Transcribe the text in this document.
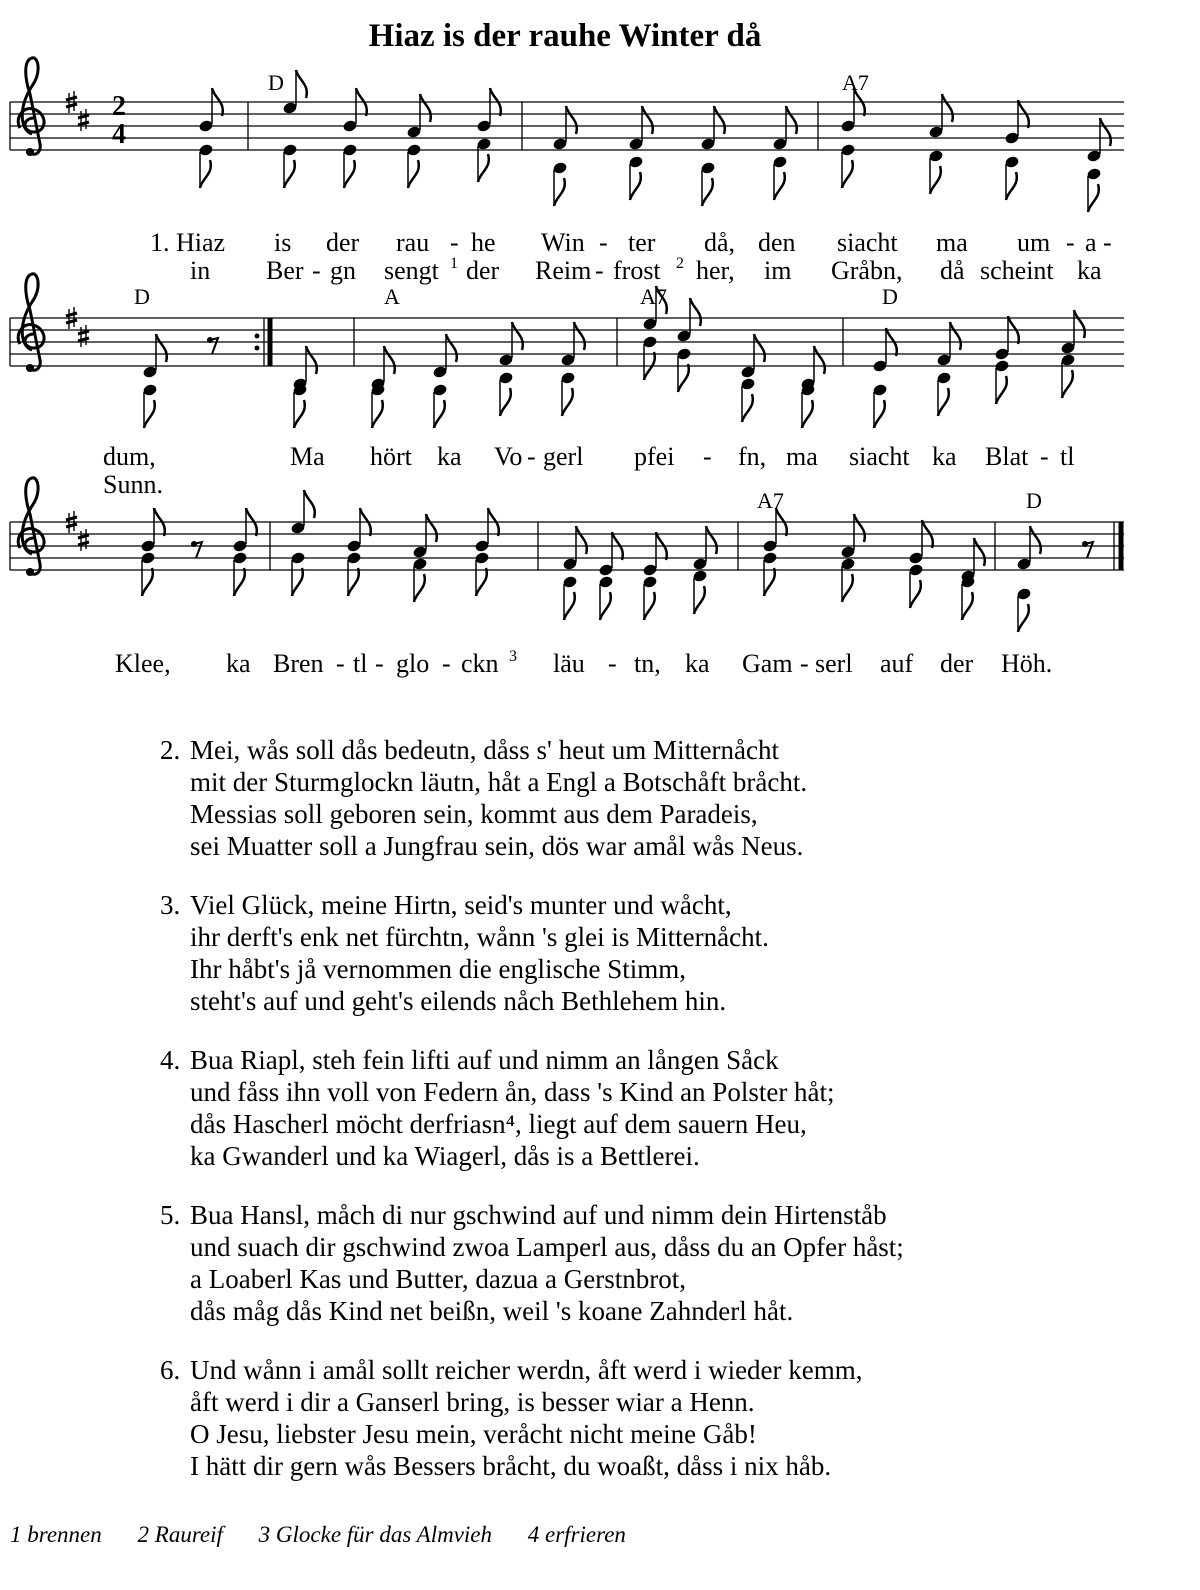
Hiaz is der rauhe Winter då
2
4
D	A7
D	A	A7	D
A7	D
1. Hiaz is der rau - he Win - ter då, den siacht ma um - a -
in Ber - gn sengt 1 der Reim - frost 2 her, im Gråbn, då scheint ka
dum,	Ma hört ka Vo - gerl pfei - fn, ma siacht ka Blat - tl
Sunn.
Klee, ka Bren - tl - glo - ckn 3 läu - tn, ka Gam - serl auf der Höh.
2. Mei, wås soll dås bedeutn, dåss s' heut um Mitternåcht
mit der Sturmglockn läutn, håt a Engl a Botschåft bråcht.
Messias soll geboren sein, kommt aus dem Paradeis,
sei Muatter soll a Jungfrau sein, dös war amål wås Neus.
3. Viel Glück, meine Hirtn, seid's munter und wåcht,
ihr derft's enk net fürchtn, wånn 's glei is Mitternåcht.
Ihr håbt's jå vernommen die englische Stimm,
steht's auf und geht's eilends nåch Bethlehem hin.
4. Bua Riapl, steh fein lifti auf und nimm an lången Såck
und fåss ihn voll von Federn ån, dass 's Kind an Polster håt;
dås Hascherl möcht derfriasn⁴, liegt auf dem sauern Heu,
ka Gwanderl und ka Wiagerl, dås is a Bettlerei.
5. Bua Hansl, måch di nur gschwind auf und nimm dein Hirtenståb
und suach dir gschwind zwoa Lamperl aus, dåss du an Opfer håst;
a Loaberl Kas und Butter, dazua a Gerstnbrot,
dås måg dås Kind net beißn, weil 's koane Zahnderl håt.
6. Und wånn i amål sollt reicher werdn, åft werd i wieder kemm,
åft werd i dir a Ganserl bring, is besser wiar a Henn.
O Jesu, liebster Jesu mein, veråcht nicht meine Gåb!
I hätt dir gern wås Bessers bråcht, du woaßt, dåss i nix håb.
1 brennen 2 Raureif 3 Glocke für das Almvieh 4 erfrieren
